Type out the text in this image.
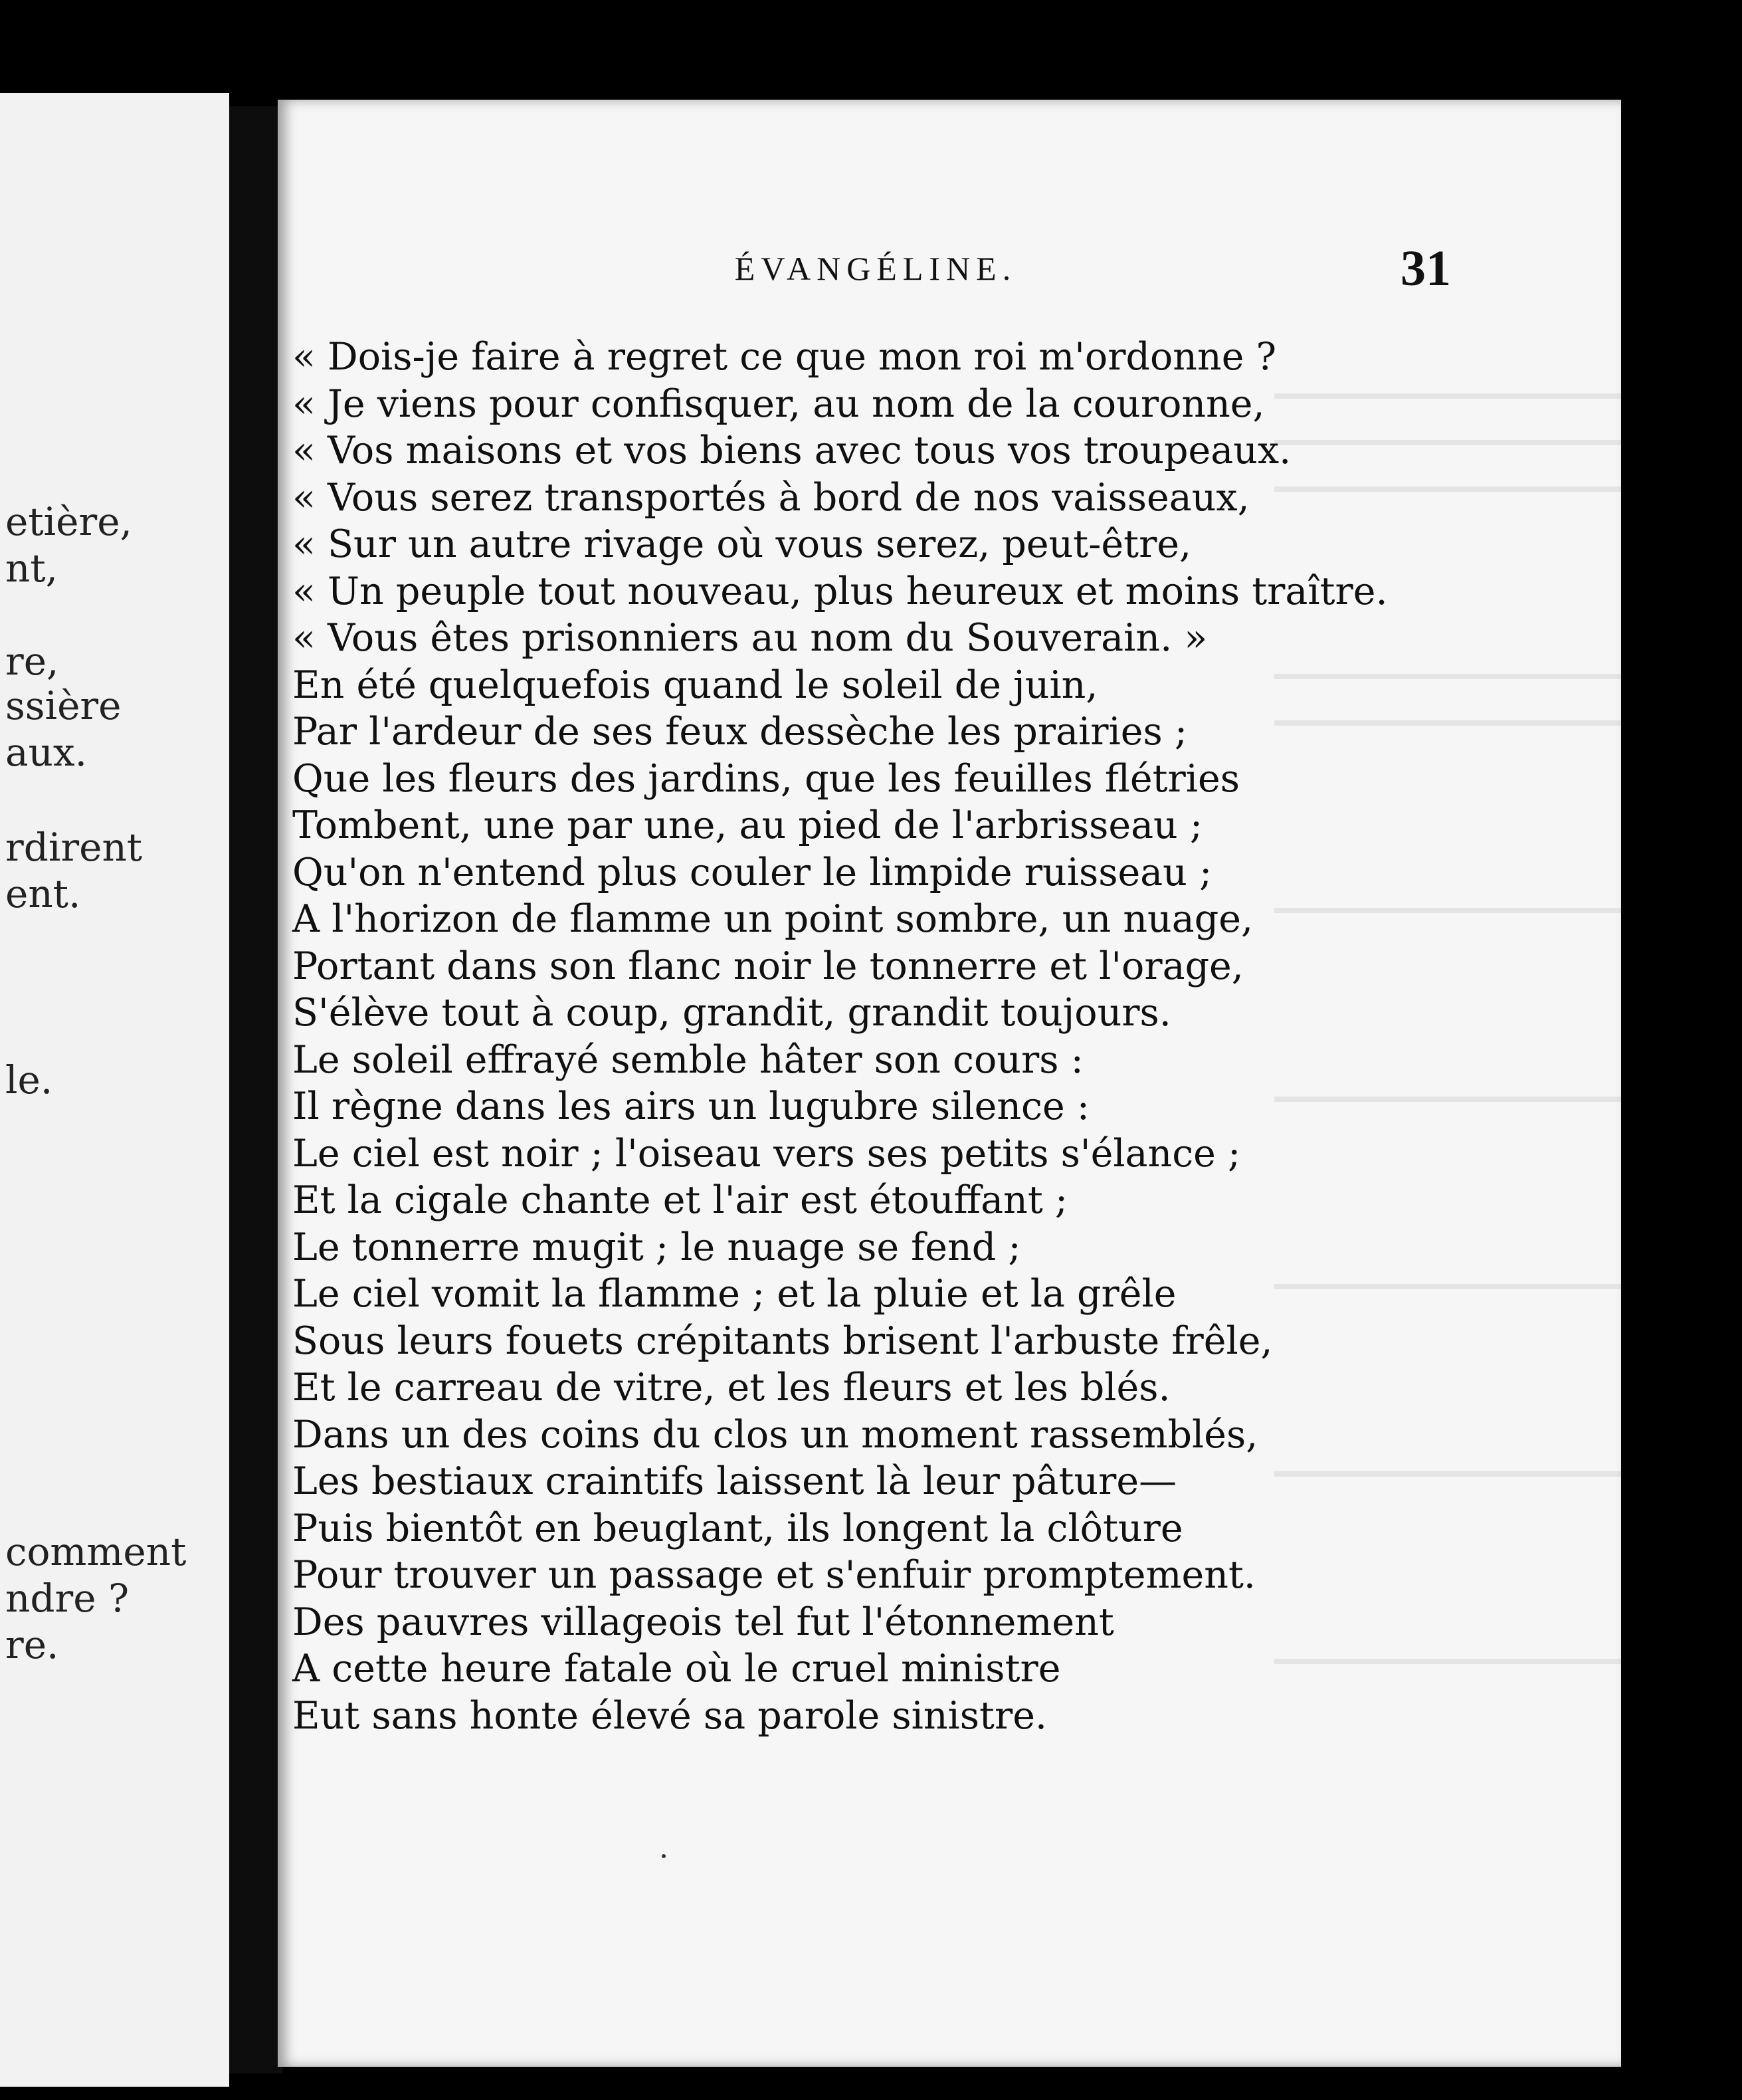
etière,
nt,
re,
ssière
aux.
rdirent
ent.
le.
comment
ndre ?
re.
ÉVANGÉLINE.	31
« Dois-je faire à regret ce que mon roi m'ordonne ?
« Je viens pour confisquer, au nom de la couronne,
« Vos maisons et vos biens avec tous vos troupeaux.
« Vous serez transportés à bord de nos vaisseaux,
« Sur un autre rivage où vous serez, peut-être,
« Un peuple tout nouveau, plus heureux et moins traître.
« Vous êtes prisonniers au nom du Souverain. »
En été quelquefois quand le soleil de juin,
Par l'ardeur de ses feux dessèche les prairies ;
Que les fleurs des jardins, que les feuilles flétries
Tombent, une par une, au pied de l'arbrisseau ;
Qu'on n'entend plus couler le limpide ruisseau ;
A l'horizon de flamme un point sombre, un nuage,
Portant dans son flanc noir le tonnerre et l'orage,
S'élève tout à coup, grandit, grandit toujours.
Le soleil effrayé semble hâter son cours :
Il règne dans les airs un lugubre silence :
Le ciel est noir ; l'oiseau vers ses petits s'élance ;
Et la cigale chante et l'air est étouffant ;
Le tonnerre mugit ; le nuage se fend ;
Le ciel vomit la flamme ; et la pluie et la grêle
Sous leurs fouets crépitants brisent l'arbuste frêle,
Et le carreau de vitre, et les fleurs et les blés.
Dans un des coins du clos un moment rassemblés,
Les bestiaux craintifs laissent là leur pâture—
Puis bientôt en beuglant, ils longent la clôture
Pour trouver un passage et s'enfuir promptement.
Des pauvres villageois tel fut l'étonnement
A cette heure fatale où le cruel ministre
Eut sans honte élevé sa parole sinistre.
